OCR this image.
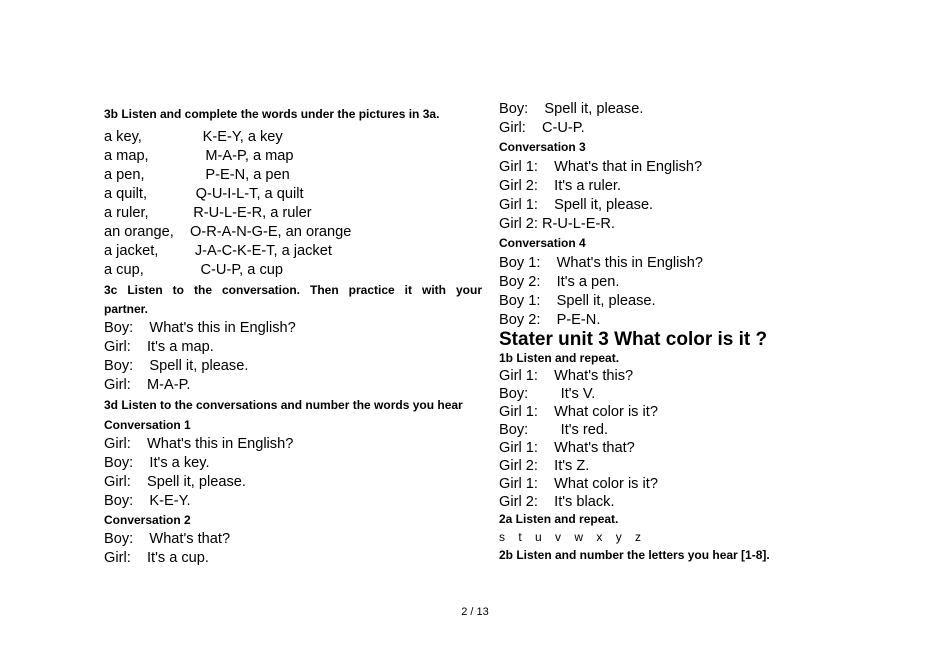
3b Listen and complete the words under the pictures in 3a.
a key,               K-E-Y, a key
a map,              M-A-P, a map
a pen,               P-E-N, a pen
a quilt,            Q-U-I-L-T, a quilt
a ruler,           R-U-L-E-R, a ruler
an orange,    O-R-A-N-G-E, an orange
a jacket,         J-A-C-K-E-T, a jacket
a cup,              C-U-P, a cup
3c Listen to the conversation. Then practice it with your
partner.
Boy:    What's this in English?
Girl:    It's a map.
Boy:    Spell it, please.
Girl:    M-A-P.
3d Listen to the conversations and number the words you hear
Conversation 1
Girl:    What's this in English?
Boy:    It's a key.
Girl:    Spell it, please.
Boy:    K-E-Y.
Conversation 2
Boy:    What's that?
Girl:    It's a cup.
Boy:    Spell it, please.
Girl:    C-U-P.
Conversation 3
Girl 1:    What's that in English?
Girl 2:    It's a ruler.
Girl 1:    Spell it, please.
Girl 2: R-U-L-E-R.
Conversation 4
Boy 1:    What's this in English?
Boy 2:    It's a pen.
Boy 1:    Spell it, please.
Boy 2:    P-E-N.
Stater unit 3 What color is it ?
1b Listen and repeat.
Girl 1:    What's this?
Boy:        It's V.
Girl 1:    What color is it?
Boy:        It's red.
Girl 1:    What's that?
Girl 2:    It's Z.
Girl 1:    What color is it?
Girl 2:    It's black.
2a Listen and repeat.
s    t    u    v    w    x    y    z
2b Listen and number the letters you hear [1-8].
2 / 13
